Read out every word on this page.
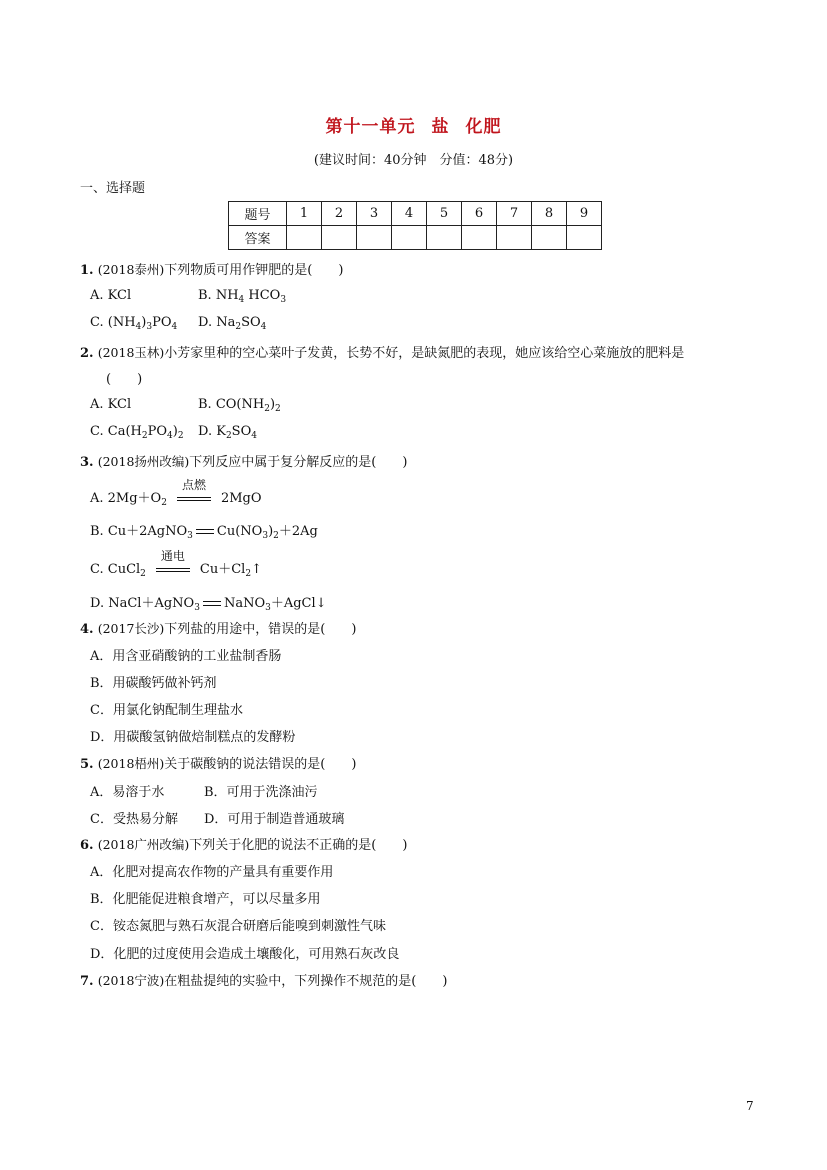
第十一单元 盐 化肥
(建议时间：40分钟　分值：48分)
一、选择题
题号	1	2	3	4	5	6	7	8	9
答案									
1. (2018泰州)下列物质可用作钾肥的是(　　)
A. KCl	B. $NH_4$ $HCO_3$
C. $(NH_4)_3PO_4$ D. $Na_2SO_4$
2. (2018玉林)小芳家里种的空心菜叶子发黄，长势不好，是缺氮肥的表现，她应该给空心菜施放的肥料是
(　　)
A. KCl	B. $CO(NH_2)_2$
C. $Ca(H_2PO_4)_2$ D. $K_2SO_4$
3. (2018扬州改编)下列反应中属于复分解反应的是(　　)
A. $2Mg+O_2$
点燃
2MgO
B. Cu＋2AgNO$_3$ $Cu(NO_3)_2+2Ag$
C. CuCl$_2$
通电
$Cu+Cl_2↑$
D. NaCl＋AgNO$_3$ NaNO$_3$＋AgCl↓
4. (2017长沙)下列盐的用途中，错误的是(　　)
A．用含亚硝酸钠的工业盐制香肠
B．用碳酸钙做补钙剂
C．用氯化钠配制生理盐水
D．用碳酸氢钠做焙制糕点的发酵粉
5. (2018梧州)关于碳酸钠的说法错误的是(　　)
A．易溶于水	B．可用于洗涤油污
C．受热易分解 D．可用于制造普通玻璃
6. (2018广州改编)下列关于化肥的说法不正确的是(　　)
A．化肥对提高农作物的产量具有重要作用
B．化肥能促进粮食增产，可以尽量多用
C．铵态氮肥与熟石灰混合研磨后能嗅到刺激性气味
D．化肥的过度使用会造成土壤酸化，可用熟石灰改良
7. (2018宁波)在粗盐提纯的实验中，下列操作不规范的是(　　)
7
